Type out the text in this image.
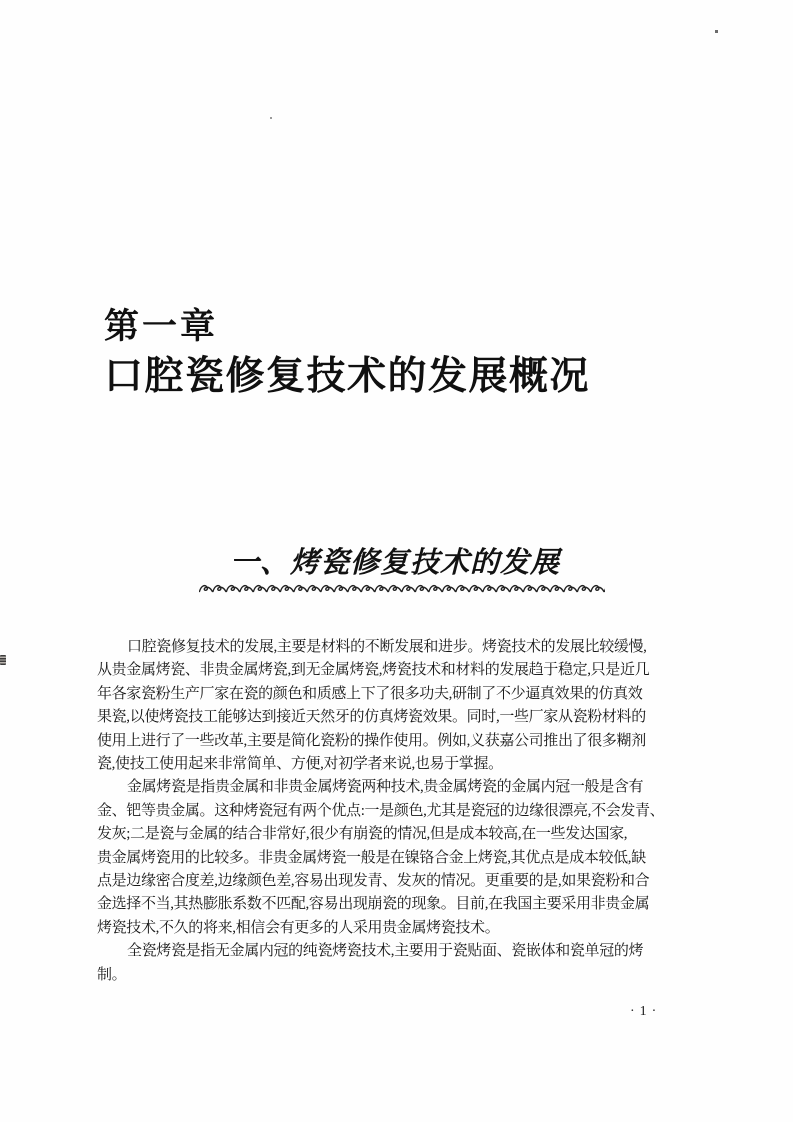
第一章
口腔瓷修复技术的发展概况
一、烤瓷修复技术的发展
口腔瓷修复技术的发展,主要是材料的不断发展和进步。烤瓷技术的发展比较缓慢,
从贵金属烤瓷、非贵金属烤瓷,到无金属烤瓷,烤瓷技术和材料的发展趋于稳定,只是近几
年各家瓷粉生产厂家在瓷的颜色和质感上下了很多功夫,研制了不少逼真效果的仿真效
果瓷,以使烤瓷技工能够达到接近天然牙的仿真烤瓷效果。同时,一些厂家从瓷粉材料的
使用上进行了一些改革,主要是简化瓷粉的操作使用。例如,义获嘉公司推出了很多糊剂
瓷,使技工使用起来非常简单、方便,对初学者来说,也易于掌握。
金属烤瓷是指贵金属和非贵金属烤瓷两种技术,贵金属烤瓷的金属内冠一般是含有
金、钯等贵金属。这种烤瓷冠有两个优点:一是颜色,尤其是瓷冠的边缘很漂亮,不会发青、
发灰;二是瓷与金属的结合非常好,很少有崩瓷的情况,但是成本较高,在一些发达国家,
贵金属烤瓷用的比较多。非贵金属烤瓷一般是在镍铬合金上烤瓷,其优点是成本较低,缺
点是边缘密合度差,边缘颜色差,容易出现发青、发灰的情况。更重要的是,如果瓷粉和合
金选择不当,其热膨胀系数不匹配,容易出现崩瓷的现象。目前,在我国主要采用非贵金属
烤瓷技术,不久的将来,相信会有更多的人采用贵金属烤瓷技术。
全瓷烤瓷是指无金属内冠的纯瓷烤瓷技术,主要用于瓷贴面、瓷嵌体和瓷单冠的烤
制。
·1·
